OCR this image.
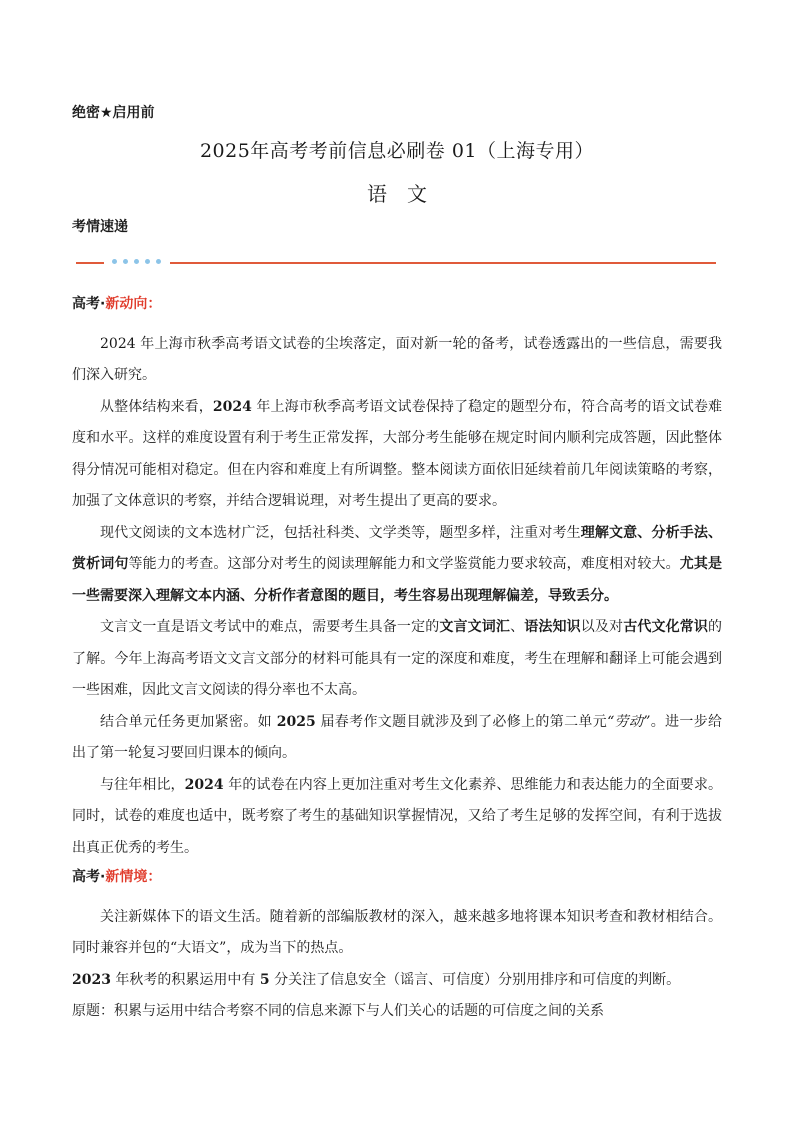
绝密★启用前
2025年高考考前信息必刷卷 01（上海专用）
语文
考情速递
高考·新动向：

2024 年上海市秋季高考语文试卷的尘埃落定，面对新一轮的备考，试卷透露出的一些信息，需要我们深入研究。

从整体结构来看，2024 年上海市秋季高考语文试卷保持了稳定的题型分布，符合高考的语文试卷难度和水平。这样的难度设置有利于考生正常发挥，大部分考生能够在规定时间内顺利完成答题，因此整体得分情况可能相对稳定。但在内容和难度上有所调整。整本阅读方面依旧延续着前几年阅读策略的考察，加强了文体意识的考察，并结合逻辑说理，对考生提出了更高的要求。

现代文阅读的文本选材广泛，包括社科类、文学类等，题型多样，注重对考生理解文意、分析手法、赏析词句等能力的考查。这部分对考生的阅读理解能力和文学鉴赏能力要求较高，难度相对较大。尤其是一些需要深入理解文本内涵、分析作者意图的题目，考生容易出现理解偏差，导致丢分。

文言文一直是语文考试中的难点，需要考生具备一定的文言文词汇、语法知识以及对古代文化常识的了解。今年上海高考语文文言文部分的材料可能具有一定的深度和难度，考生在理解和翻译上可能会遇到一些困难，因此文言文阅读的得分率也不太高。

结合单元任务更加紧密。如 2025 届春考作文题目就涉及到了必修上的第二单元“劳动”。进一步给出了第一轮复习要回归课本的倾向。

与往年相比，2024 年的试卷在内容上更加注重对考生文化素养、思维能力和表达能力的全面要求。同时，试卷的难度也适中，既考察了考生的基础知识掌握情况，又给了考生足够的发挥空间，有利于选拔出真正优秀的考生。

高考·新情境：

关注新媒体下的语文生活。随着新的部编版教材的深入，越来越多地将课本知识考查和教材相结合。同时兼容并包的“大语文”，成为当下的热点。

2023 年秋考的积累运用中有 5 分关注了信息安全（谣言、可信度）分别用排序和可信度的判断。

原题：积累与运用中结合考察不同的信息来源下与人们关心的话题的可信度之间的关系
